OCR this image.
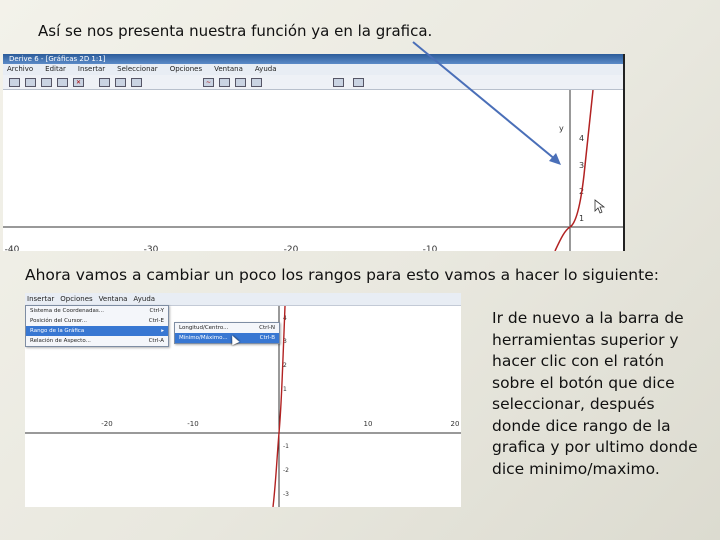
Así se nos presenta nuestra función ya en la grafica.
Derive 6 - [Gráficas 2D 1:1]
Archivo Editar Insertar Seleccionar Opciones Ventana Ayuda
✕	~
-40	-30	-20	-10
y
4
3
2
1
Ahora vamos a cambiar un poco los rangos para esto vamos a hacer lo siguiente:
Insertar Opciones Ventana Ayuda
-20	-10	10	20
4
3
2
1
-1
-2
-3
Sistema de Coordenadas...	Ctrl-Y
Posición del Cursor...	Ctrl-E
Rango de la Gráfica	▸
Relación de Aspecto...	Ctrl-A
Longitud/Centro...	Ctrl-N
Mínimo/Máximo...	Ctrl-B
Ir de nuevo a la barra de herramientas superior y hacer clic con el ratón sobre el botón que dice seleccionar, después donde dice rango de la grafica y por ultimo donde dice minimo/maximo.
